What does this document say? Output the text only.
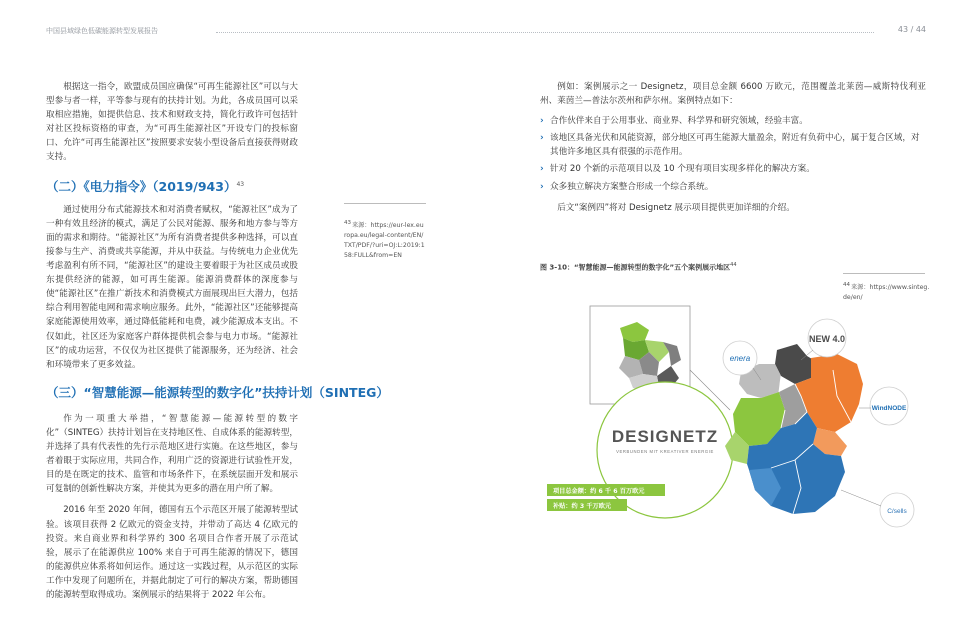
中国县域绿色低碳能源转型发展报告	43 / 44

根据这一指令，欧盟成员国应确保“可再生能源社区”可以与大型参与者一样，平等参与现有的扶持计划。为此，各成员国可以采取相应措施，如提供信息、技术和财政支持，简化行政许可包括针对社区投标资格的审查，为“可再生能源社区”开设专门的投标窗口、允许“可再生能源社区”按照要求安装小型设备后直接获得财政支持。

（二）《电力指令》$(2019/943)^{43}$

通过使用分布式能源技术和对消费者赋权，“能源社区”成为了一种有效且经济的模式，满足了公民对能源、服务和地方参与等方面的需求和期待。“能源社区”为所有消费者提供多种选择，可以直接参与生产、消费或共享能源，并从中获益。与传统电力企业优先考虑盈利有所不同，“能源社区”的建设主要着眼于为社区成员或股东提供经济的能源，如可再生能源。能源消费群体的深度参与使“能源社区”在推广新技术和消费模式方面展现出巨大潜力，包括综合利用智能电网和需求响应服务。此外，“能源社区”还能够提高家庭能源使用效率，通过降低能耗和电费，减少能源成本支出。不仅如此，社区还为家庭客户群体提供机会参与电力市场。“能源社区”的成功运营，不仅仅为社区提供了能源服务，还为经济、社会和环境带来了更多效益。

（三）“智慧能源—能源转型的数字化”扶持计划（SINTEG）

作为一项重大举措，“智慧能源—能源转型的数字化”（SINTEG）扶持计划旨在支持地区性、自成体系的能源转型，并选择了具有代表性的先行示范地区进行实施。在这些地区，参与者着眼于实际应用，共同合作，利用广泛的资源进行试验性开发，目的是在既定的技术、监管和市场条件下，在系统层面开发和展示可复制的创新性解决方案，并使其为更多的潜在用户所了解。

2016 年至 2020 年间，德国有五个示范区开展了能源转型试验。该项目获得 2 亿欧元的资金支持，并带动了高达 4 亿欧元的投资。来自商业界和科学界约 300 名项目合作者开展了示范试验，展示了在能源供应 100% 来自于可再生能源的情况下，德国的能源供应体系将如何运作。通过这一实践过程，从示范区的实际工作中发现了问题所在，并据此制定了可行的解决方案，帮助德国的能源转型取得成功。案例展示的结果将于 2022 年公布。

43来源：https://eur-lex.europa.eu/legal-content/EN/TXT/PDF/?uri=OJ:L:2019:158:FULL&from=EN

例如：案例展示之一 Designetz，项目总金额 6600 万欧元，范围覆盖北莱茵—威斯特伐利亚州、莱茵兰—普法尔茨州和萨尔州。案例特点如下：

› 合作伙伴来自于公用事业、商业界、科学界和研究领域，经验丰富。
› 该地区具备光伏和风能资源，部分地区可再生能源大量盈余，附近有负荷中心，属于复合区域，对其他许多地区具有很强的示范作用。
› 针对 20 个新的示范项目以及 10 个现有项目实现多样化的解决方案。
› 众多独立解决方案整合形成一个综合系统。

后文“案例四”将对 Designetz 展示项目提供更加详细的介绍。

图 3-10：“智慧能源—能源转型的数字化”五个案例展示地区$^{44}$
44来源：https://www.sinteg.de/en/
DESIGNETZ
VERBUNDEN MIT KREATIVER ENERGIE
项目总金额：约 6 千 6 百万欧元
补贴：约 3 千万欧元
enera
NEW 4.0
WindNODE
C/sells
